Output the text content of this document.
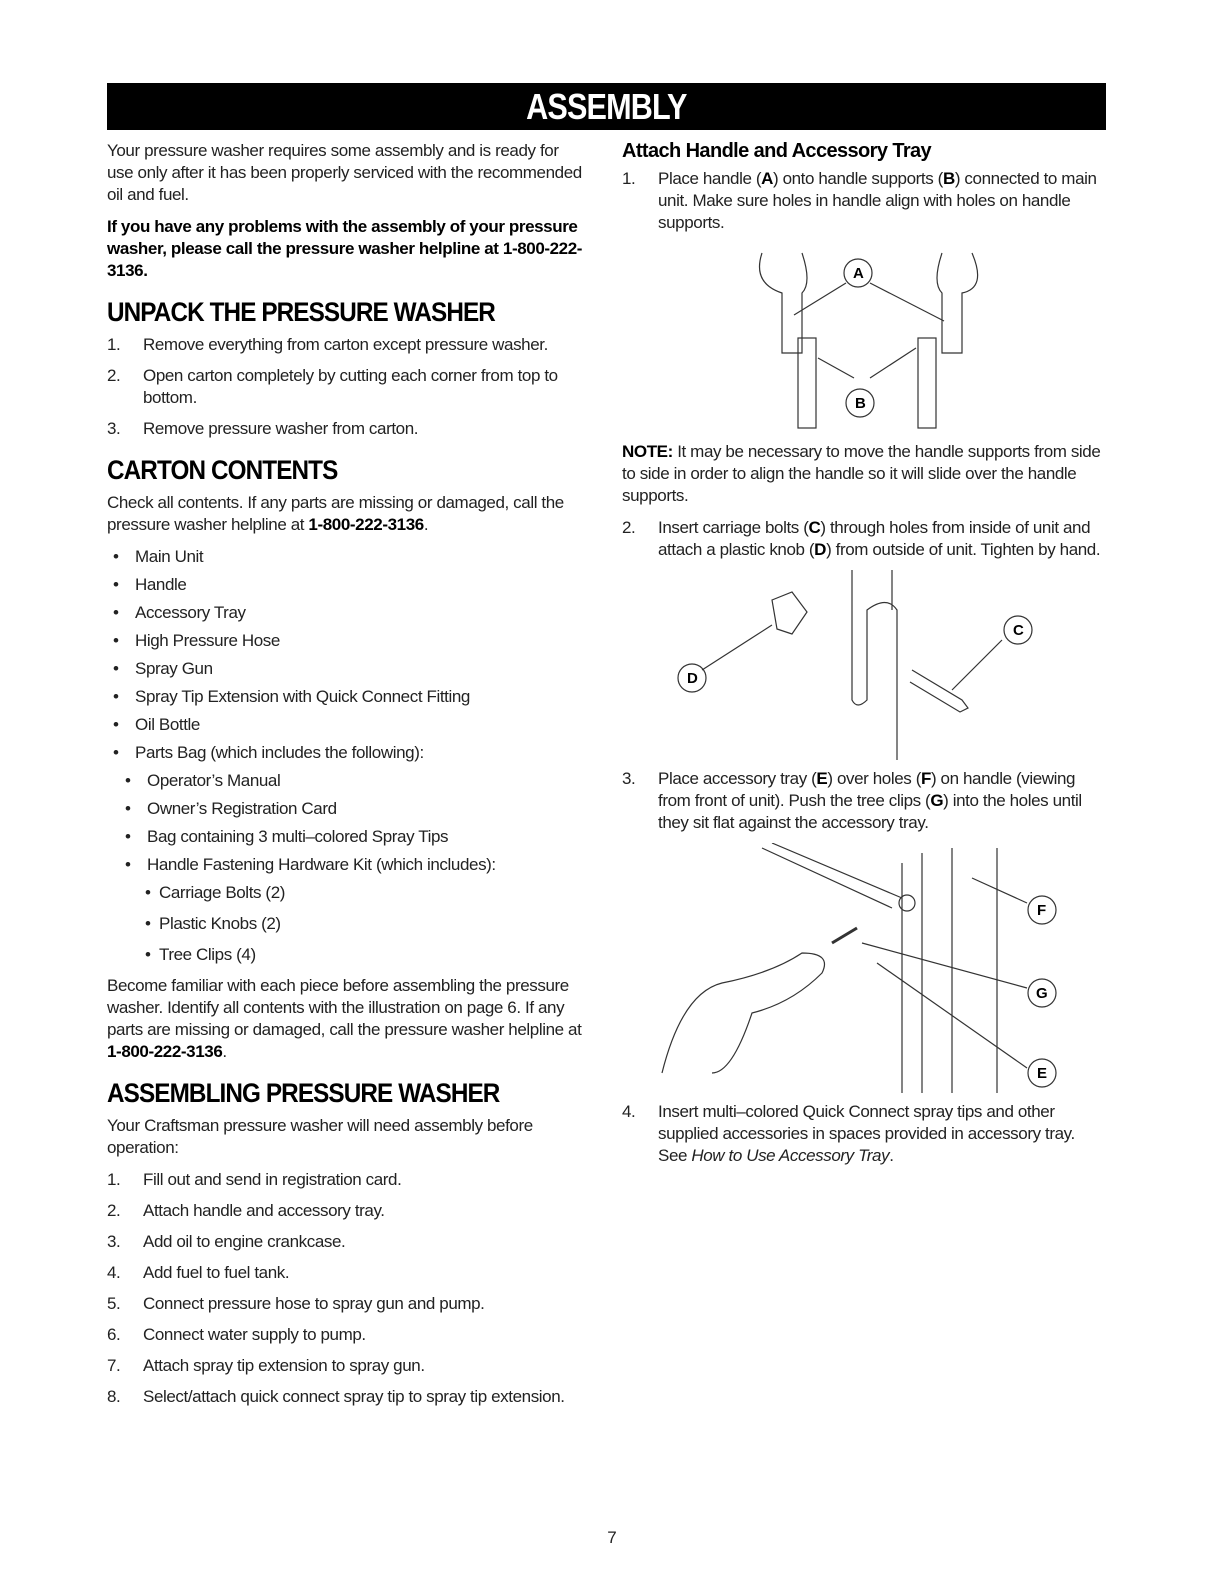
ASSEMBLY

Your pressure washer requires some assembly and is ready for use only after it has been properly serviced with the recommended oil and fuel.

If you have any problems with the assembly of your pressure washer, please call the pressure washer helpline at 1-800-222-3136.

UNPACK THE PRESSURE WASHER
1. Remove everything from carton except pressure washer.
2. Open carton completely by cutting each corner from top to bottom.
3. Remove pressure washer from carton.
CARTON CONTENTS

Check all contents. If any parts are missing or damaged, call the pressure washer helpline at 1-800-222-3136.

• Main Unit
• Handle
• Accessory Tray
• High Pressure Hose
• Spray Gun
• Spray Tip Extension with Quick Connect Fitting
• Oil Bottle
• Parts Bag (which includes the following):
• Operator’s Manual
• Owner’s Registration Card
• Bag containing 3 multi–colored Spray Tips
• Handle Fastening Hardware Kit (which includes):
• Carriage Bolts (2)
• Plastic Knobs (2)
• Tree Clips (4)

Become familiar with each piece before assembling the pressure washer. Identify all contents with the illustration on page 6. If any parts are missing or damaged, call the pressure washer helpline at 1-800-222-3136.

ASSEMBLING PRESSURE WASHER

Your Craftsman pressure washer will need assembly before operation:

1. Fill out and send in registration card.
2. Attach handle and accessory tray.
3. Add oil to engine crankcase.
4. Add fuel to fuel tank.
5. Connect pressure hose to spray gun and pump.
6. Connect water supply to pump.
7. Attach spray tip extension to spray gun.
8. Select/attach quick connect spray tip to spray tip extension.
Attach Handle and Accessory Tray
1. Place handle (A) onto handle supports (B) connected to main unit. Make sure holes in handle align with holes on handle supports.
A
B

NOTE: It may be necessary to move the handle supports from side to side in order to align the handle so it will slide over the handle supports.

2. Insert carriage bolts (C) through holes from inside of unit and attach a plastic knob (D) from outside of unit. Tighten by hand.
D
C
3. Place accessory tray (E) over holes (F) on handle (viewing from front of unit). Push the tree clips (G) into the holes until they sit flat against the accessory tray.
F
G
E
4. Insert multi–colored Quick Connect spray tips and other supplied accessories in spaces provided in accessory tray. See How to Use Accessory Tray.
7
